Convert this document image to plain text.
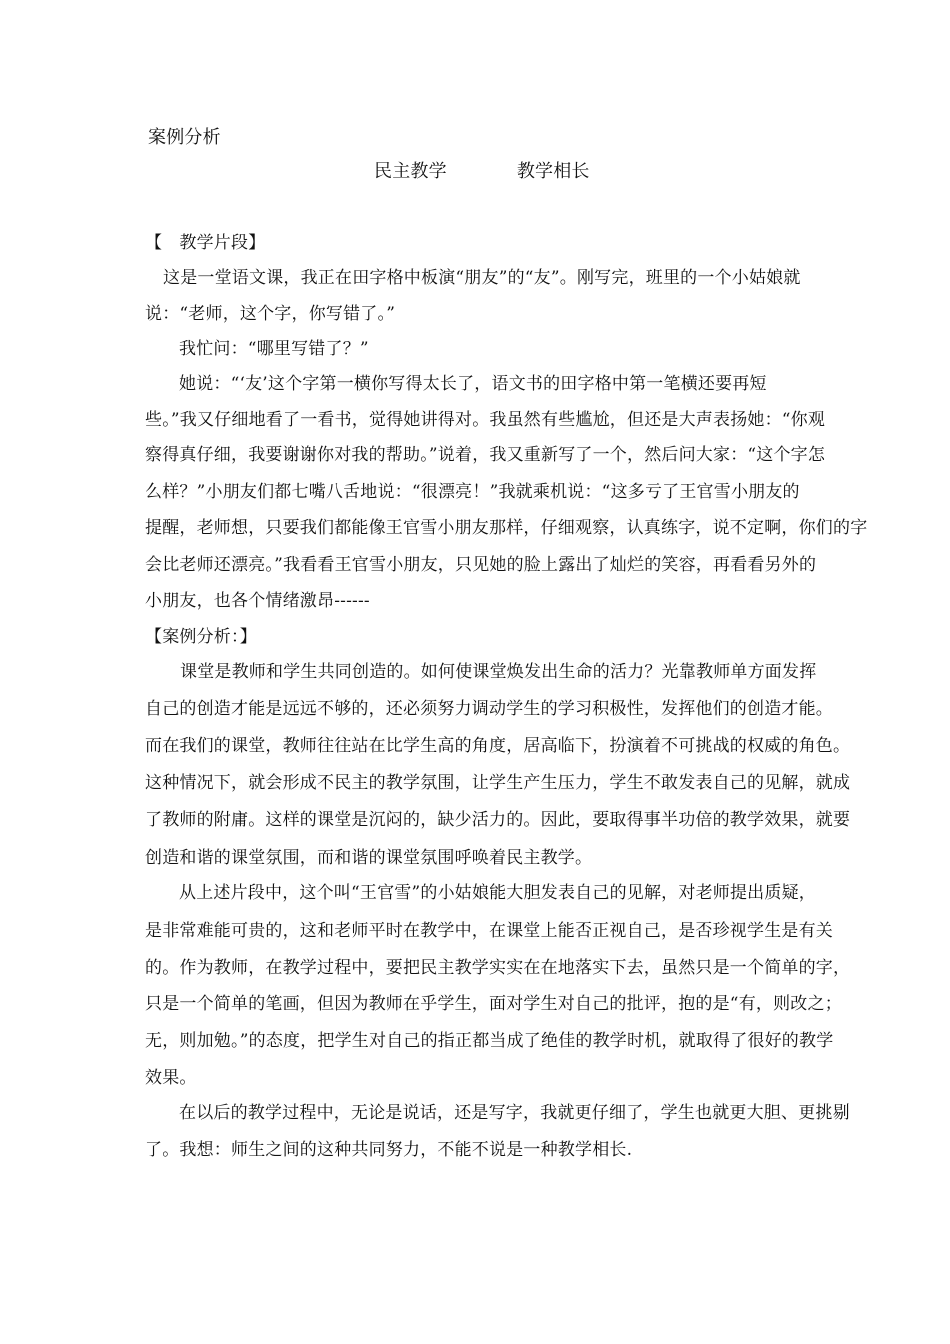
案例分析
民主教学	教学相长
【　教学片段】
这是一堂语文课，我正在田字格中板演“朋友”的“友”。刚写完，班里的一个小姑娘就
说：“老师，这个字，你写错了。”
我忙问：“哪里写错了？”
她说：“‘友’这个字第一横你写得太长了，语文书的田字格中第一笔横还要再短
些。”我又仔细地看了一看书，觉得她讲得对。我虽然有些尴尬，但还是大声表扬她：“你观
察得真仔细，我要谢谢你对我的帮助。”说着，我又重新写了一个，然后问大家：“这个字怎
么样？”小朋友们都七嘴八舌地说：“很漂亮！”我就乘机说：“这多亏了王官雪小朋友的
提醒，老师想，只要我们都能像王官雪小朋友那样，仔细观察，认真练字，说不定啊，你们的字
会比老师还漂亮。”我看看王官雪小朋友，只见她的脸上露出了灿烂的笑容，再看看另外的
小朋友，也各个情绪激昂------
【案例分析：】
课堂是教师和学生共同创造的。如何使课堂焕发出生命的活力？光靠教师单方面发挥
自己的创造才能是远远不够的，还必须努力调动学生的学习积极性，发挥他们的创造才能。
而在我们的课堂，教师往往站在比学生高的角度，居高临下，扮演着不可挑战的权威的角色。
这种情况下，就会形成不民主的教学氛围，让学生产生压力，学生不敢发表自己的见解，就成
了教师的附庸。这样的课堂是沉闷的，缺少活力的。因此，要取得事半功倍的教学效果，就要
创造和谐的课堂氛围，而和谐的课堂氛围呼唤着民主教学。
从上述片段中，这个叫“王官雪”的小姑娘能大胆发表自己的见解，对老师提出质疑，
是非常难能可贵的，这和老师平时在教学中，在课堂上能否正视自己，是否珍视学生是有关
的。作为教师，在教学过程中，要把民主教学实实在在地落实下去，虽然只是一个简单的字，
只是一个简单的笔画，但因为教师在乎学生，面对学生对自己的批评，抱的是“有，则改之；
无，则加勉。”的态度，把学生对自己的指正都当成了绝佳的教学时机，就取得了很好的教学
效果。
在以后的教学过程中，无论是说话，还是写字，我就更仔细了，学生也就更大胆、更挑剔
了。我想：师生之间的这种共同努力，不能不说是一种教学相长.
